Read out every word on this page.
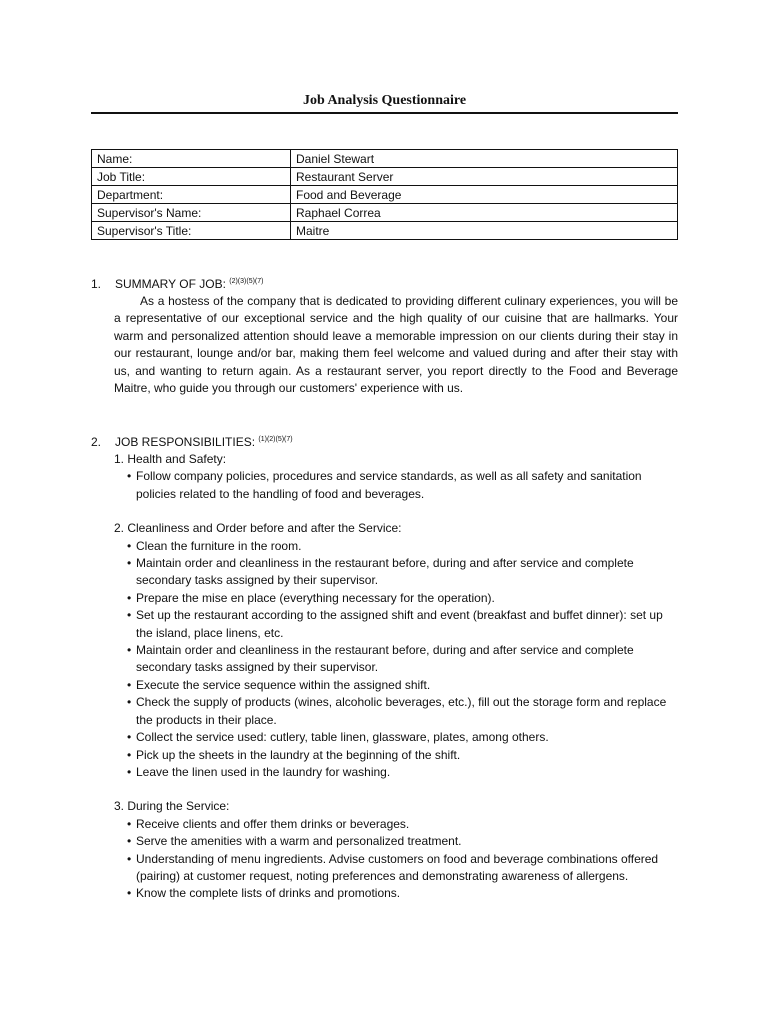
Job Analysis Questionnaire
Name:	Daniel Stewart
Job Title:	Restaurant Server
Department:	Food and Beverage
Supervisor's Name:	Raphael Correa
Supervisor's Title:	Maitre
1. SUMMARY OF JOB: $^{(2)(3)(5)(7)}$

As a hostess of the company that is dedicated to providing different culinary experiences, you will be a representative of our exceptional service and the high quality of our cuisine that are hallmarks. Your warm and personalized attention should leave a memorable impression on our clients during their stay in our restaurant, lounge and/or bar, making them feel welcome and valued during and after their stay with us, and wanting to return again. As a restaurant server, you report directly to the Food and Beverage Maitre, who guide you through our customers' experience with us.

2. JOB RESPONSIBILITIES: $^{(1)(2)(5)(7)}$

1. Health and Safety:

• Follow company policies, procedures and service standards, as well as all safety and sanitation policies related to the handling of food and beverages.

2. Cleanliness and Order before and after the Service:

• Clean the furniture in the room.
• Maintain order and cleanliness in the restaurant before, during and after service and complete secondary tasks assigned by their supervisor.
• Prepare the mise en place (everything necessary for the operation).
• Set up the restaurant according to the assigned shift and event (breakfast and buffet dinner): set up the island, place linens, etc.
• Maintain order and cleanliness in the restaurant before, during and after service and complete secondary tasks assigned by their supervisor.
• Execute the service sequence within the assigned shift.
• Check the supply of products (wines, alcoholic beverages, etc.), fill out the storage form and replace the products in their place.
• Collect the service used: cutlery, table linen, glassware, plates, among others.
• Pick up the sheets in the laundry at the beginning of the shift.
• Leave the linen used in the laundry for washing.

3. During the Service:

• Receive clients and offer them drinks or beverages.
• Serve the amenities with a warm and personalized treatment.
• Understanding of menu ingredients. Advise customers on food and beverage combinations offered (pairing) at customer request, noting preferences and demonstrating awareness of allergens.
• Know the complete lists of drinks and promotions.
